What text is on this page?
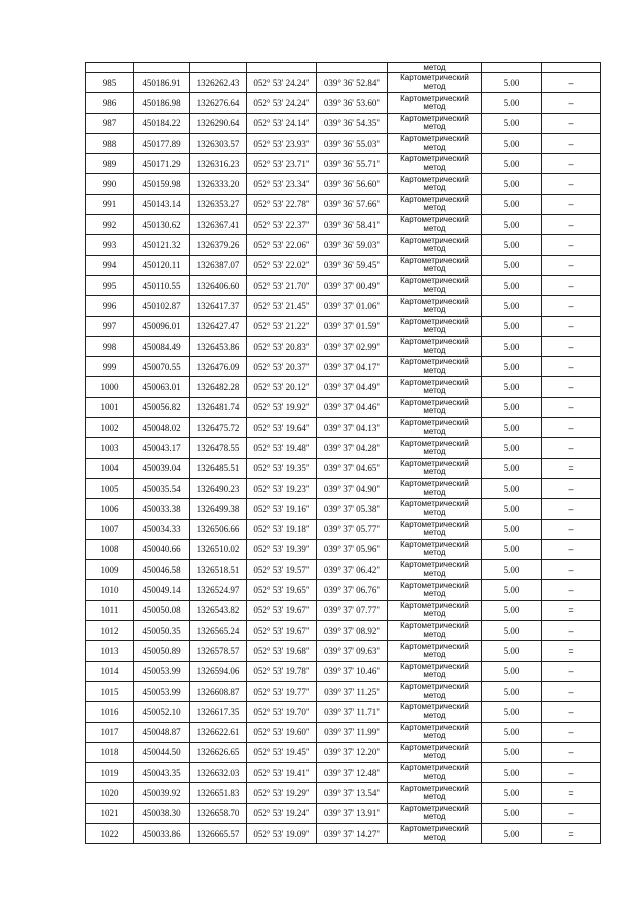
					метод		

985	450186.91	1326262.43	052° 53' 24.24"	039° 36' 52.84"	Картометрический
метод	5.00	–
986	450186.98	1326276.64	052° 53' 24.24"	039° 36' 53.60"	Картометрический
метод	5.00	–
987	450184.22	1326290.64	052° 53' 24.14"	039° 36' 54.35"	Картометрический
метод	5.00	–
988	450177.89	1326303.57	052° 53' 23.93"	039° 36' 55.03"	Картометрический
метод	5.00	–
989	450171.29	1326316.23	052° 53' 23.71"	039° 36' 55.71"	Картометрический
метод	5.00	–
990	450159.98	1326333.20	052° 53' 23.34"	039° 36' 56.60"	Картометрический
метод	5.00	–
991	450143.14	1326353.27	052° 53' 22.78"	039° 36' 57.66"	Картометрический
метод	5.00	–
992	450130.62	1326367.41	052° 53' 22.37"	039° 36' 58.41"	Картометрический
метод	5.00	–
993	450121.32	1326379.26	052° 53' 22.06"	039° 36' 59.03"	Картометрический
метод	5.00	–
994	450120.11	1326387.07	052° 53' 22.02"	039° 36' 59.45"	Картометрический
метод	5.00	–
995	450110.55	1326406.60	052° 53' 21.70"	039° 37' 00.49"	Картометрический
метод	5.00	–
996	450102.87	1326417.37	052° 53' 21.45"	039° 37' 01.06"	Картометрический
метод	5.00	–
997	450096.01	1326427.47	052° 53' 21.22"	039° 37' 01.59"	Картометрический
метод	5.00	–
998	450084.49	1326453.86	052° 53' 20.83"	039° 37' 02.99"	Картометрический
метод	5.00	–
999	450070.55	1326476.09	052° 53' 20.37"	039° 37' 04.17"	Картометрический
метод	5.00	–
1000	450063.01	1326482.28	052° 53' 20.12"	039° 37' 04.49"	Картометрический
метод	5.00	–
1001	450056.82	1326481.74	052° 53' 19.92"	039° 37' 04.46"	Картометрический
метод	5.00	–
1002	450048.02	1326475.72	052° 53' 19.64"	039° 37' 04.13"	Картометрический
метод	5.00	–
1003	450043.17	1326478.55	052° 53' 19.48"	039° 37' 04.28"	Картометрический
метод	5.00	–
1004	450039.04	1326485.51	052° 53' 19.35"	039° 37' 04.65"	Картометрический
метод	5.00	=
1005	450035.54	1326490.23	052° 53' 19.23"	039° 37' 04.90"	Картометрический
метод	5.00	–
1006	450033.38	1326499.38	052° 53' 19.16"	039° 37' 05.38"	Картометрический
метод	5.00	–
1007	450034.33	1326506.66	052° 53' 19.18"	039° 37' 05.77"	Картометрический
метод	5.00	–
1008	450040.66	1326510.02	052° 53' 19.39"	039° 37' 05.96"	Картометрический
метод	5.00	–
1009	450046.58	1326518.51	052° 53' 19.57"	039° 37' 06.42"	Картометрический
метод	5.00	–
1010	450049.14	1326524.97	052° 53' 19.65"	039° 37' 06.76"	Картометрический
метод	5.00	–
1011	450050.08	1326543.82	052° 53' 19.67"	039° 37' 07.77"	Картометрический
метод	5.00	=
1012	450050.35	1326565.24	052° 53' 19.67"	039° 37' 08.92"	Картометрический
метод	5.00	–
1013	450050.89	1326578.57	052° 53' 19.68"	039° 37' 09.63"	Картометрический
метод	5.00	=
1014	450053.99	1326594.06	052° 53' 19.78"	039° 37' 10.46"	Картометрический
метод	5.00	–
1015	450053.99	1326608.87	052° 53' 19.77"	039° 37' 11.25"	Картометрический
метод	5.00	–
1016	450052.10	1326617.35	052° 53' 19.70"	039° 37' 11.71"	Картометрический
метод	5.00	–
1017	450048.87	1326622.61	052° 53' 19.60"	039° 37' 11.99"	Картометрический
метод	5.00	–
1018	450044.50	1326626.65	052° 53' 19.45"	039° 37' 12.20"	Картометрический
метод	5.00	–
1019	450043.35	1326632.03	052° 53' 19.41"	039° 37' 12.48"	Картометрический
метод	5.00	–
1020	450039.92	1326651.83	052° 53' 19.29"	039° 37' 13.54"	Картометрический
метод	5.00	=
1021	450038.30	1326658.70	052° 53' 19.24"	039° 37' 13.91"	Картометрический
метод	5.00	–
1022	450033.86	1326665.57	052° 53' 19.09"	039° 37' 14.27"	Картометрический
метод	5.00	=
